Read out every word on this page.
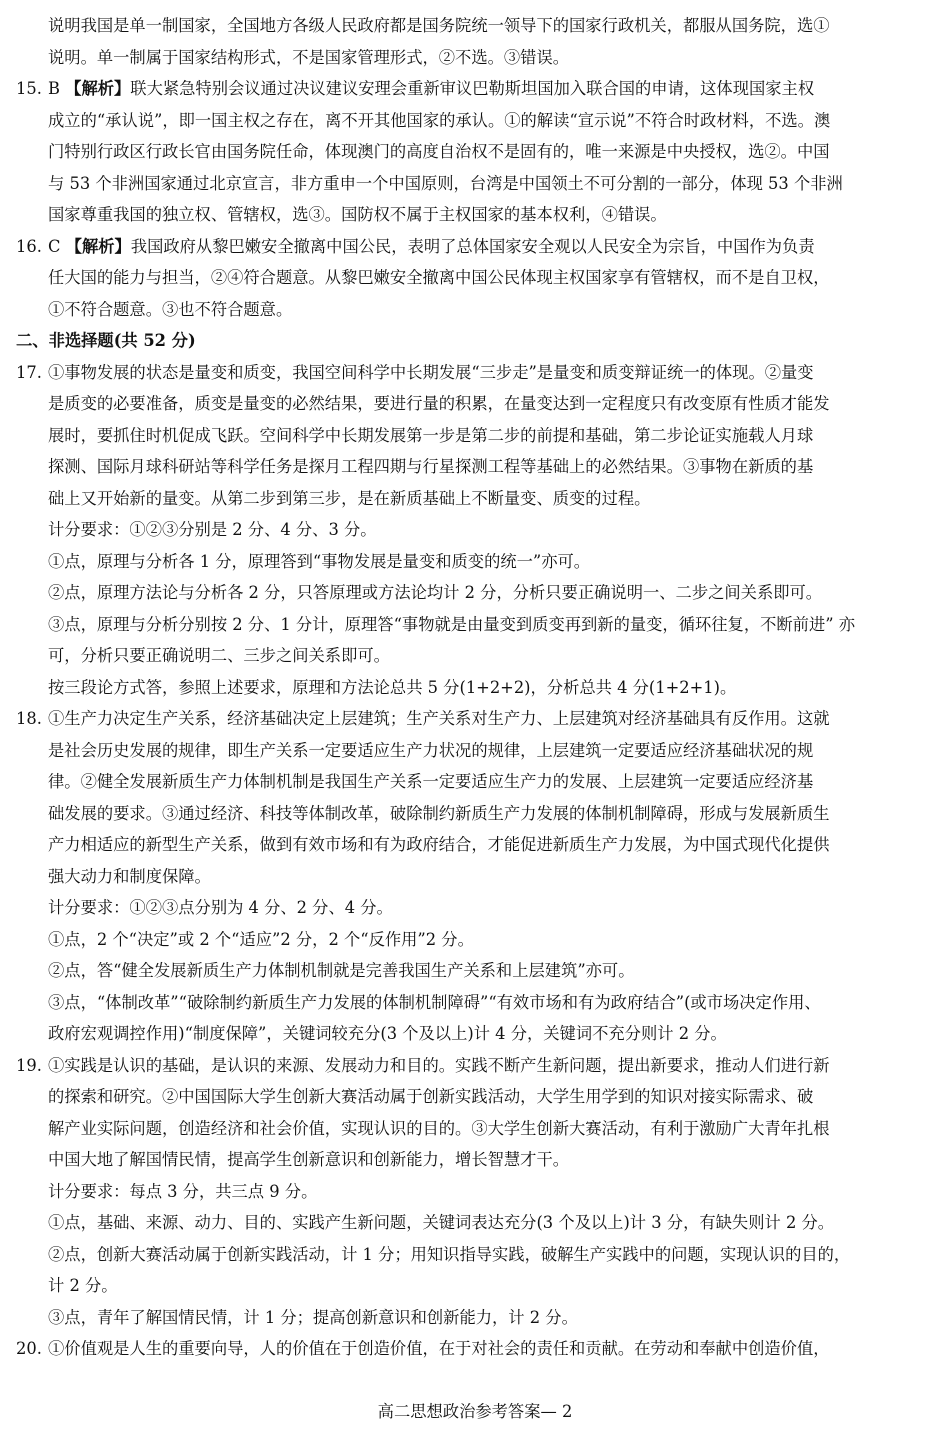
说明我国是单一制国家，全国地方各级人民政府都是国务院统一领导下的国家行政机关，都服从国务院，选①
说明。单一制属于国家结构形式，不是国家管理形式，②不选。③错误。
15. B 【解析】联大紧急特别会议通过决议建议安理会重新审议巴勒斯坦国加入联合国的申请，这体现国家主权
成立的“承认说”，即一国主权之存在，离不开其他国家的承认。①的解读“宣示说”不符合时政材料，不选。澳
门特别行政区行政长官由国务院任命，体现澳门的高度自治权不是固有的，唯一来源是中央授权，选②。中国
与 53 个非洲国家通过北京宣言，非方重申一个中国原则，台湾是中国领土不可分割的一部分，体现 53 个非洲
国家尊重我国的独立权、管辖权，选③。国防权不属于主权国家的基本权利，④错误。
16. C 【解析】我国政府从黎巴嫩安全撤离中国公民，表明了总体国家安全观以人民安全为宗旨，中国作为负责
任大国的能力与担当，②④符合题意。从黎巴嫩安全撤离中国公民体现主权国家享有管辖权，而不是自卫权，
①不符合题意。③也不符合题意。
二、非选择题(共 52 分)
17. ①事物发展的状态是量变和质变，我国空间科学中长期发展“三步走”是量变和质变辩证统一的体现。②量变
是质变的必要准备，质变是量变的必然结果，要进行量的积累，在量变达到一定程度只有改变原有性质才能发
展时，要抓住时机促成飞跃。空间科学中长期发展第一步是第二步的前提和基础，第二步论证实施载人月球
探测、国际月球科研站等科学任务是探月工程四期与行星探测工程等基础上的必然结果。③事物在新质的基
础上又开始新的量变。从第二步到第三步，是在新质基础上不断量变、质变的过程。
计分要求：①②③分别是 2 分、4 分、3 分。
①点，原理与分析各 1 分，原理答到“事物发展是量变和质变的统一”亦可。
②点，原理方法论与分析各 2 分，只答原理或方法论均计 2 分，分析只要正确说明一、二步之间关系即可。
③点，原理与分析分别按 2 分、1 分计，原理答“事物就是由量变到质变再到新的量变，循环往复，不断前进” 亦
可，分析只要正确说明二、三步之间关系即可。
按三段论方式答，参照上述要求，原理和方法论总共 5 分(1+2+2)，分析总共 4 分(1+2+1)。
18. ①生产力决定生产关系，经济基础决定上层建筑；生产关系对生产力、上层建筑对经济基础具有反作用。这就
是社会历史发展的规律，即生产关系一定要适应生产力状况的规律，上层建筑一定要适应经济基础状况的规
律。②健全发展新质生产力体制机制是我国生产关系一定要适应生产力的发展、上层建筑一定要适应经济基
础发展的要求。③通过经济、科技等体制改革，破除制约新质生产力发展的体制机制障碍，形成与发展新质生
产力相适应的新型生产关系，做到有效市场和有为政府结合，才能促进新质生产力发展，为中国式现代化提供
强大动力和制度保障。
计分要求：①②③点分别为 4 分、2 分、4 分。
①点，2 个“决定”或 2 个“适应”2 分，2 个“反作用”2 分。
②点，答“健全发展新质生产力体制机制就是完善我国生产关系和上层建筑”亦可。
③点，“体制改革”“破除制约新质生产力发展的体制机制障碍”“有效市场和有为政府结合”(或市场决定作用、
政府宏观调控作用)“制度保障”，关键词较充分(3 个及以上)计 4 分，关键词不充分则计 2 分。
19. ①实践是认识的基础，是认识的来源、发展动力和目的。实践不断产生新问题，提出新要求，推动人们进行新
的探索和研究。②中国国际大学生创新大赛活动属于创新实践活动，大学生用学到的知识对接实际需求、破
解产业实际问题，创造经济和社会价值，实现认识的目的。③大学生创新大赛活动，有利于激励广大青年扎根
中国大地了解国情民情，提高学生创新意识和创新能力，增长智慧才干。
计分要求：每点 3 分，共三点 9 分。
①点，基础、来源、动力、目的、实践产生新问题，关键词表达充分(3 个及以上)计 3 分，有缺失则计 2 分。
②点，创新大赛活动属于创新实践活动，计 1 分；用知识指导实践，破解生产实践中的问题，实现认识的目的，
计 2 分。
③点，青年了解国情民情，计 1 分；提高创新意识和创新能力，计 2 分。
20. ①价值观是人生的重要向导，人的价值在于创造价值，在于对社会的责任和贡献。在劳动和奉献中创造价值，
高二思想政治参考答案— 2
